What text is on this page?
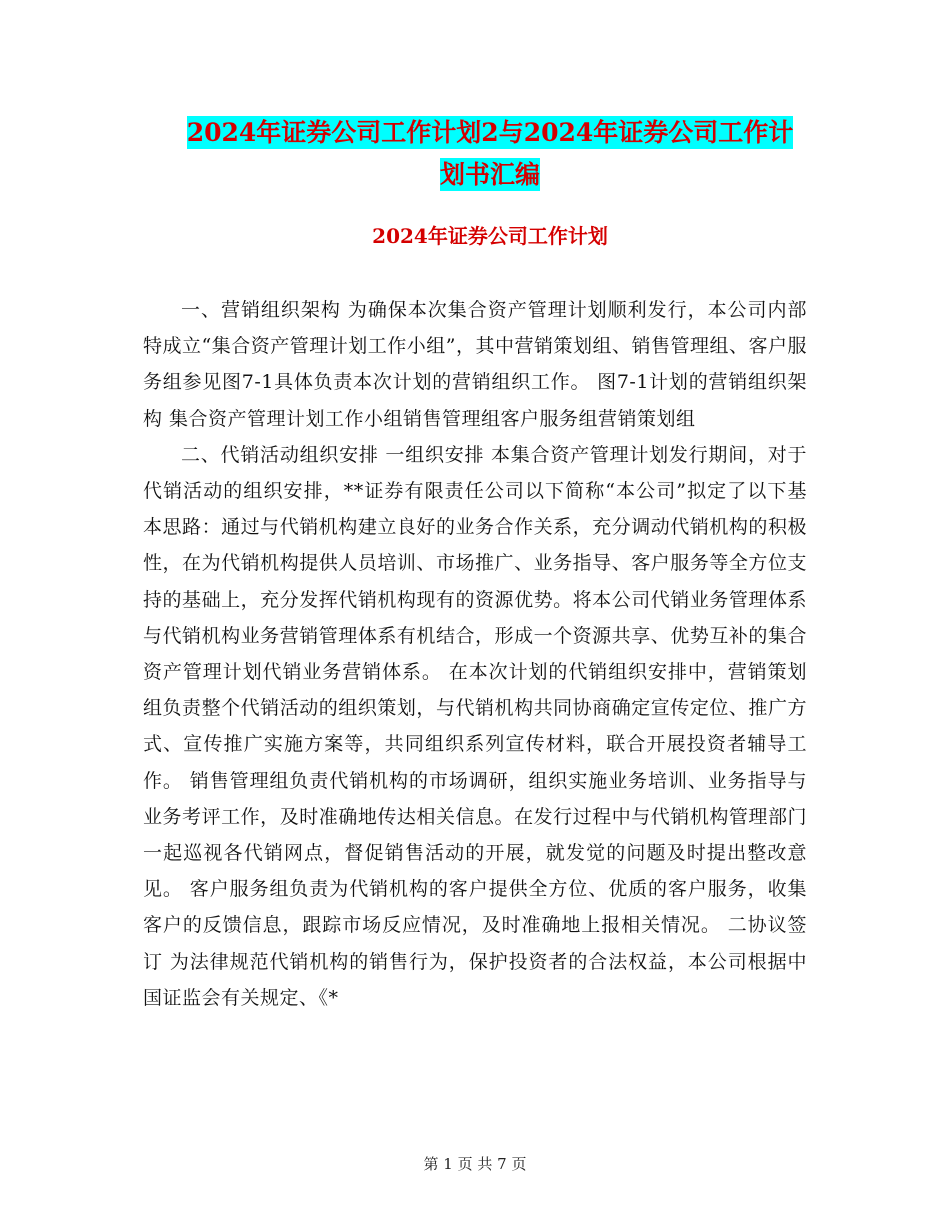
2024年证券公司工作计划2与2024年证券公司工作计
划书汇编
2024年证券公司工作计划

一、营销组织架构 为确保本次集合资产管理计划顺利发行，本公司内部特成立“集合资产管理计划工作小组”，其中营销策划组、销售管理组、客户服务组参见图7-1具体负责本次计划的营销组织工作。 图7-1计划的营销组织架构 集合资产管理计划工作小组销售管理组客户服务组营销策划组

二、代销活动组织安排 一组织安排 本集合资产管理计划发行期间，对于代销活动的组织安排，**证券有限责任公司以下简称“本公司”拟定了以下基本思路：通过与代销机构建立良好的业务合作关系，充分调动代销机构的积极性，在为代销机构提供人员培训、市场推广、业务指导、客户服务等全方位支持的基础上，充分发挥代销机构现有的资源优势。将本公司代销业务管理体系与代销机构业务营销管理体系有机结合，形成一个资源共享、优势互补的集合资产管理计划代销业务营销体系。 在本次计划的代销组织安排中，营销策划组负责整个代销活动的组织策划，与代销机构共同协商确定宣传定位、推广方式、宣传推广实施方案等，共同组织系列宣传材料，联合开展投资者辅导工作。 销售管理组负责代销机构的市场调研，组织实施业务培训、业务指导与业务考评工作，及时准确地传达相关信息。在发行过程中与代销机构管理部门一起巡视各代销网点，督促销售活动的开展，就发觉的问题及时提出整改意见。 客户服务组负责为代销机构的客户提供全方位、优质的客户服务，收集客户的反馈信息，跟踪市场反应情况，及时准确地上报相关情况。 二协议签订 为法律规范代销机构的销售行为，保护投资者的合法权益，本公司根据中国证监会有关规定、《*

第 1 页 共 7 页
